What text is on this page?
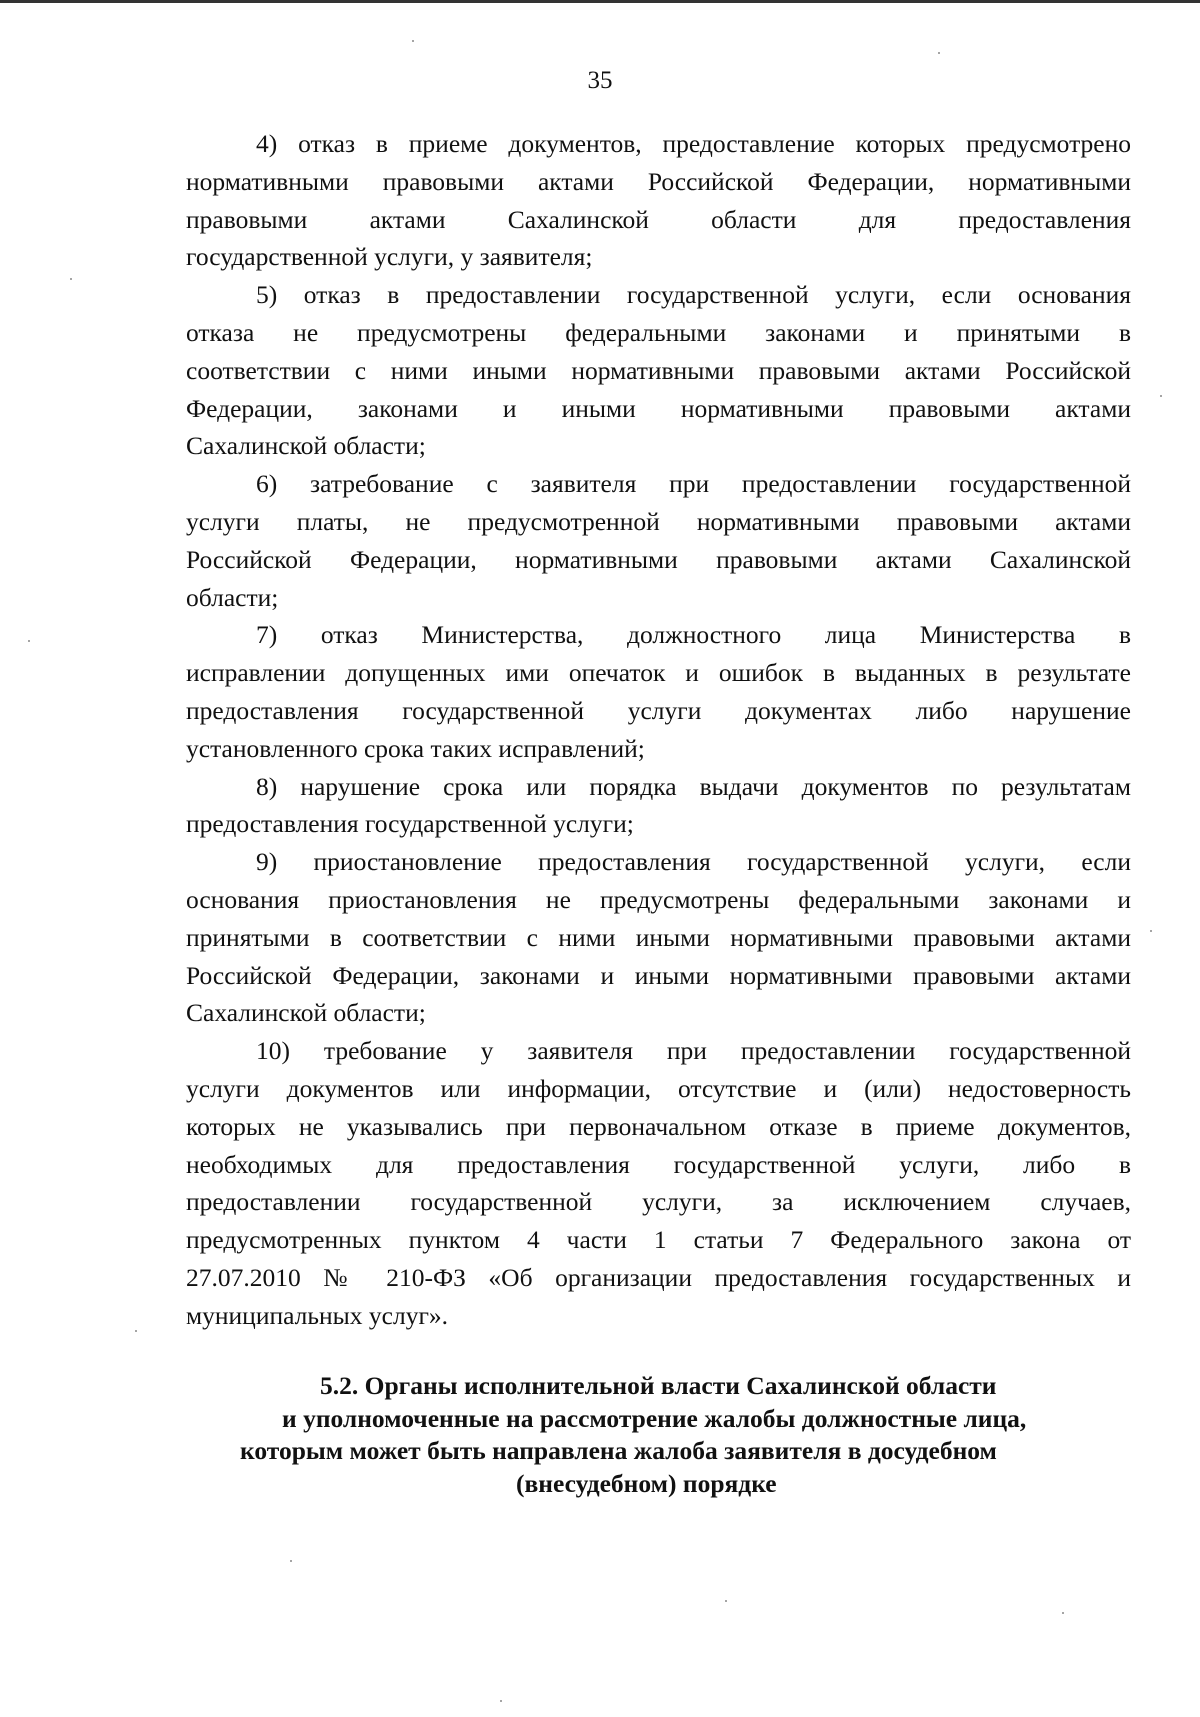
35
4) отказ в приеме документов, предоставление которых предусмотрено
нормативными правовыми актами Российской Федерации, нормативными
правовыми актами Сахалинской области для предоставления
государственной услуги, у заявителя;
5) отказ в предоставлении государственной услуги, если основания
отказа не предусмотрены федеральными законами и принятыми в
соответствии с ними иными нормативными правовыми актами Российской
Федерации, законами и иными нормативными правовыми актами
Сахалинской области;
6) затребование с заявителя при предоставлении государственной
услуги платы, не предусмотренной нормативными правовыми актами
Российской Федерации, нормативными правовыми актами Сахалинской
области;
7) отказ Министерства, должностного лица Министерства в
исправлении допущенных ими опечаток и ошибок в выданных в результате
предоставления государственной услуги документах либо нарушение
установленного срока таких исправлений;
8) нарушение срока или порядка выдачи документов по результатам
предоставления государственной услуги;
9) приостановление предоставления государственной услуги, если
основания приостановления не предусмотрены федеральными законами и
принятыми в соответствии с ними иными нормативными правовыми актами
Российской Федерации, законами и иными нормативными правовыми актами
Сахалинской области;
10) требование у заявителя при предоставлении государственной
услуги документов или информации, отсутствие и (или) недостоверность
которых не указывались при первоначальном отказе в приеме документов,
необходимых для предоставления государственной услуги, либо в
предоставлении государственной услуги, за исключением случаев,
предусмотренных пунктом 4 части 1 статьи 7 Федерального закона от
27.07.2010 № 210-ФЗ «Об организации предоставления государственных и
муниципальных услуг».
5.2. Органы исполнительной власти Сахалинской области
и уполномоченные на рассмотрение жалобы должностные лица,
которым может быть направлена жалоба заявителя в досудебном
(внесудебном) порядке
